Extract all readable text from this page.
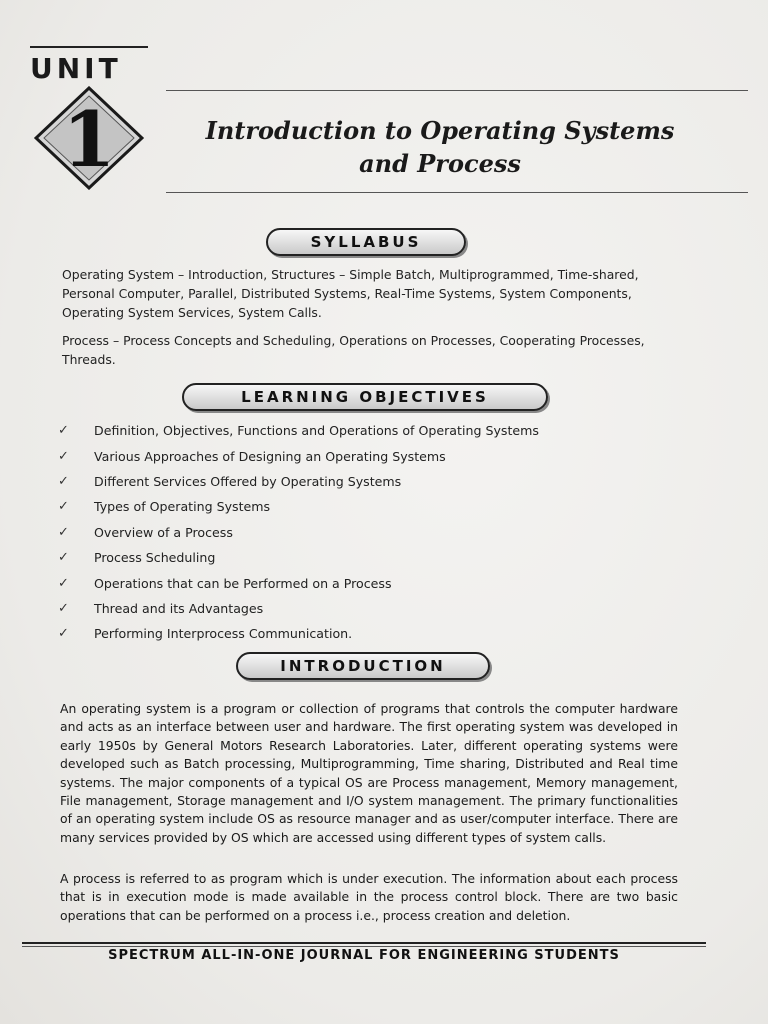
UNIT
1	Introduction to Operating Systems
and Process
SYLLABUS
Operating System – Introduction, Structures – Simple Batch, Multiprogrammed, Time-shared, Personal Computer, Parallel, Distributed Systems, Real-Time Systems, System Components, Operating System Services, System Calls.
Process – Process Concepts and Scheduling, Operations on Processes, Cooperating Processes, Threads.
LEARNING OBJECTIVES
✓	Definition, Objectives, Functions and Operations of Operating Systems
✓	Various Approaches of Designing an Operating Systems
✓	Different Services Offered by Operating Systems
✓	Types of Operating Systems
✓	Overview of a Process
✓	Process Scheduling
✓	Operations that can be Performed on a Process
✓	Thread and its Advantages
✓	Performing Interprocess Communication.
INTRODUCTION
An operating system is a program or collection of programs that controls the computer hardware and acts as an interface between user and hardware. The first operating system was developed in early 1950s by General Motors Research Laboratories. Later, different operating systems were developed such as Batch processing, Multiprogramming, Time sharing, Distributed and Real time systems. The major components of a typical OS are Process management, Memory management, File management, Storage management and I/O system management. The primary functionalities of an operating system include OS as resource manager and as user/computer interface. There are many services provided by OS which are accessed using different types of system calls.
A process is referred to as program which is under execution. The information about each process that is in execution mode is made available in the process control block. There are two basic operations that can be performed on a process i.e., process creation and deletion.
SPECTRUM ALL-IN-ONE JOURNAL FOR ENGINEERING STUDENTS
